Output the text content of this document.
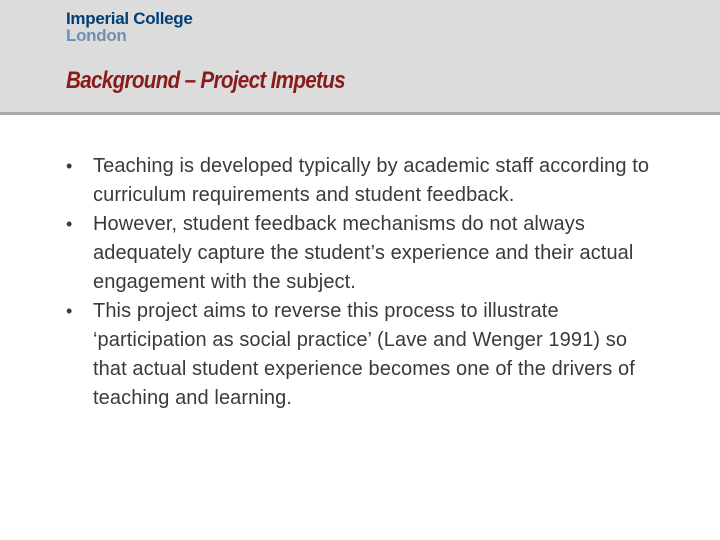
Imperial College
London
Background – Project Impetus
•	Teaching is developed typically by academic staff according to curriculum requirements and student feedback.
•	However, student feedback mechanisms do not always adequately capture the student’s experience and their actual engagement with the subject.
•	This project aims to reverse this process to illustrate ‘participation as social practice’ (Lave and Wenger 1991) so that actual student experience becomes one of the drivers of teaching and learning.
